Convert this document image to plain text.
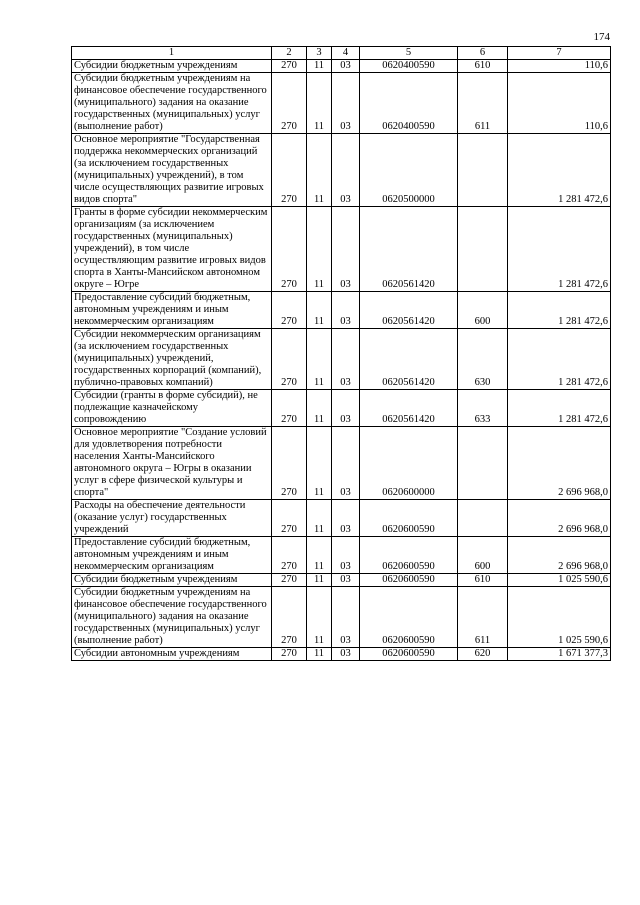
174
1	2	3	4	5	6	7
Субсидии бюджетным учреждениям	270	11	03	0620400590	610	110,6
Субсидии бюджетным учреждениям на финансовое обеспечение государственного (муниципального) задания на оказание государственных (муниципальных) услуг (выполнение работ)	270	11	03	0620400590	611	110,6
Основное мероприятие "Государственная поддержка некоммерческих организаций (за исключением государственных (муниципальных) учреждений), в том числе осуществляющих развитие игровых видов спорта"	270	11	03	0620500000		1 281 472,6
Гранты в форме субсидии некоммерческим организациям (за исключением государственных (муниципальных) учреждений), в том числе осуществляющим развитие игровых видов спорта в Ханты-Мансийском автономном округе – Югре	270	11	03	0620561420		1 281 472,6
Предоставление субсидий бюджетным, автономным учреждениям и иным некоммерческим организациям	270	11	03	0620561420	600	1 281 472,6
Субсидии некоммерческим организациям (за исключением государственных (муниципальных) учреждений, государственных корпораций (компаний), публично-правовых компаний)	270	11	03	0620561420	630	1 281 472,6
Субсидии (гранты в форме субсидий), не подлежащие казначейскому сопровождению	270	11	03	0620561420	633	1 281 472,6
Основное мероприятие "Создание условий для удовлетворения потребности населения Ханты-Мансийского автономного округа – Югры в оказании услуг в сфере физической культуры и спорта"	270	11	03	0620600000		2 696 968,0
Расходы на обеспечение деятельности (оказание услуг) государственных учреждений	270	11	03	0620600590		2 696 968,0
Предоставление субсидий бюджетным, автономным учреждениям и иным некоммерческим организациям	270	11	03	0620600590	600	2 696 968,0
Субсидии бюджетным учреждениям	270	11	03	0620600590	610	1 025 590,6
Субсидии бюджетным учреждениям на финансовое обеспечение государственного (муниципального) задания на оказание государственных (муниципальных) услуг (выполнение работ)	270	11	03	0620600590	611	1 025 590,6
Субсидии автономным учреждениям	270	11	03	0620600590	620	1 671 377,3
